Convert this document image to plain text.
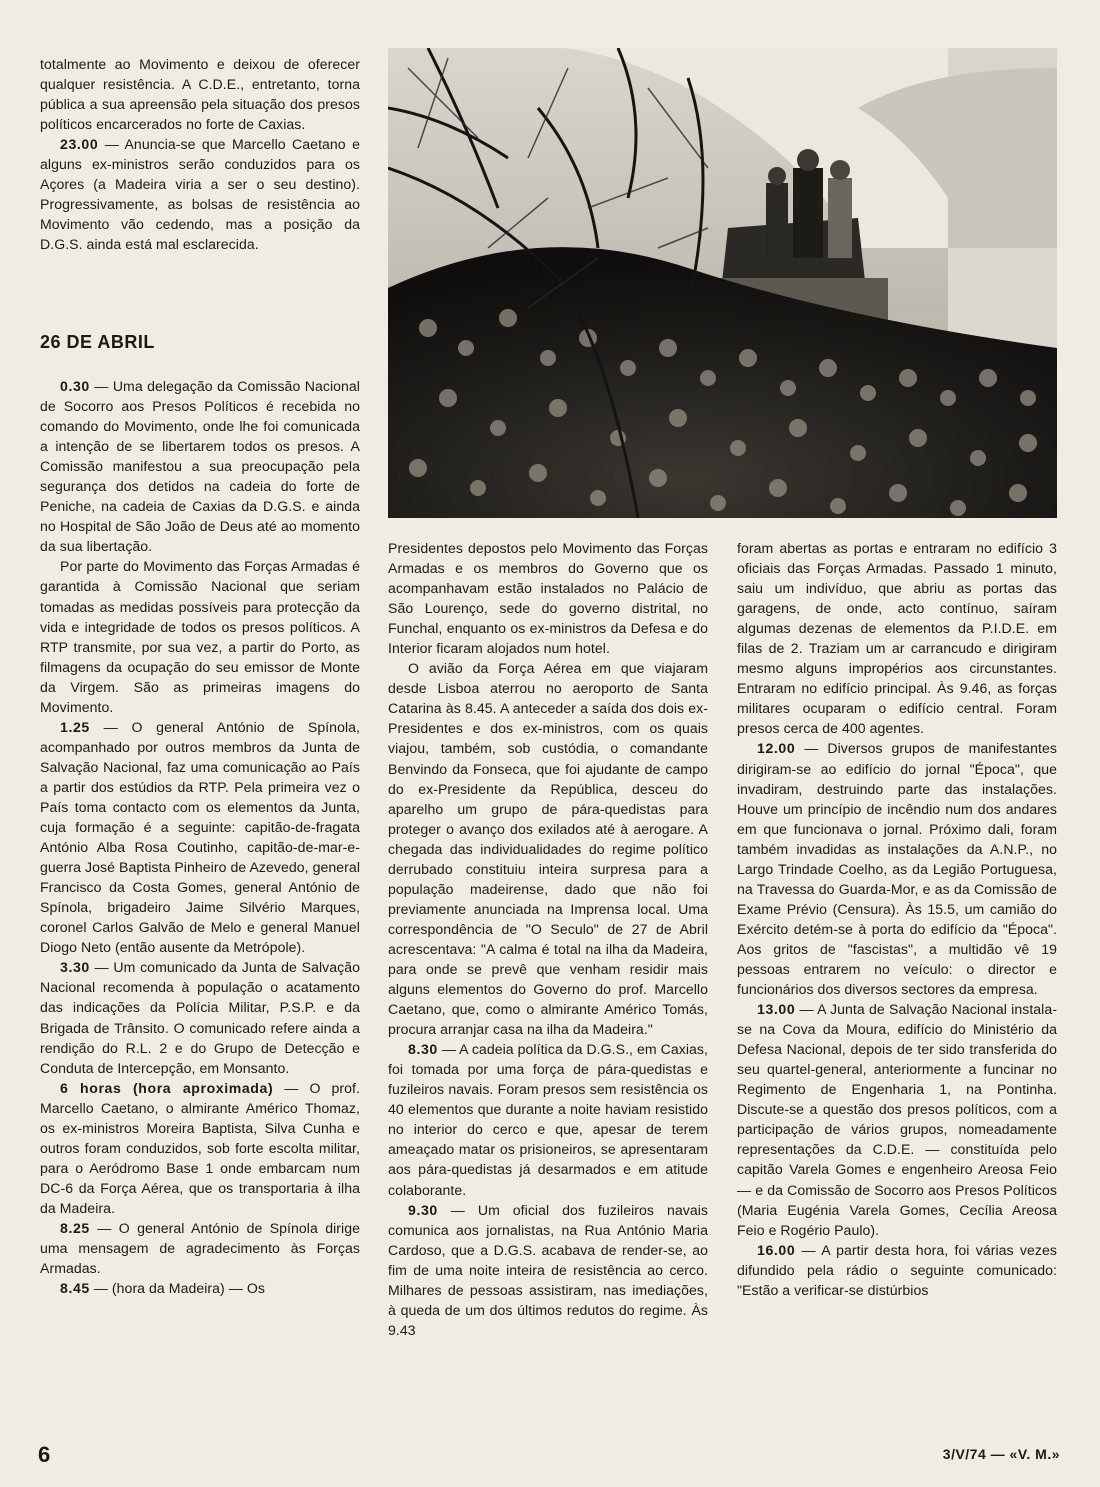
totalmente ao Movimento e deixou de oferecer qualquer resistência. A C.D.E., entretanto, torna pública a sua apreensão pela situação dos presos políticos encarcerados no forte de Caxias.

23.00 — Anuncia-se que Marcello Caetano e alguns ex-ministros serão conduzidos para os Açores (a Madeira viria a ser o seu destino). Progressivamente, as bolsas de resistência ao Movimento vão cedendo, mas a posição da D.G.S. ainda está mal esclarecida.

26 DE ABRIL

0.30 — Uma delegação da Comissão Nacional de Socorro aos Presos Políticos é recebida no comando do Movimento, onde lhe foi comunicada a intenção de se libertarem todos os presos. A Comissão manifestou a sua preocupação pela segurança dos detidos na cadeia do forte de Peniche, na cadeia de Caxias da D.G.S. e ainda no Hospital de São João de Deus até ao momento da sua libertação.

Por parte do Movimento das Forças Armadas é garantida à Comissão Nacional que seriam tomadas as medidas possíveis para protecção da vida e integridade de todos os presos políticos. A RTP transmite, por sua vez, a partir do Porto, as filmagens da ocupação do seu emissor de Monte da Virgem. São as primeiras imagens do Movimento.

1.25 — O general António de Spínola, acompanhado por outros membros da Junta de Salvação Nacional, faz uma comunicação ao País a partir dos estúdios da RTP. Pela primeira vez o País toma contacto com os elementos da Junta, cuja formação é a seguinte: capitão-de-fragata António Alba Rosa Coutinho, capitão-de-mar-e-guerra José Baptista Pinheiro de Azevedo, general Francisco da Costa Gomes, general António de Spínola, brigadeiro Jaime Silvério Marques, coronel Carlos Galvão de Melo e general Manuel Diogo Neto (então ausente da Metrópole).

3.30 — Um comunicado da Junta de Salvação Nacional recomenda à população o acatamento das indicações da Polícia Militar, P.S.P. e da Brigada de Trânsito. O comunicado refere ainda a rendição do R.L. 2 e do Grupo de Detecção e Conduta de Intercepção, em Monsanto.

6 horas (hora aproximada) — O prof. Marcello Caetano, o almirante Américo Thomaz, os ex-ministros Moreira Baptista, Silva Cunha e outros foram conduzidos, sob forte escolta militar, para o Aeródromo Base 1 onde embarcam num DC-6 da Força Aérea, que os transportaria à ilha da Madeira.

8.25 — O general António de Spínola dirige uma mensagem de agradecimento às Forças Armadas.

8.45 — (hora da Madeira) — Os

Presidentes depostos pelo Movimento das Forças Armadas e os membros do Governo que os acompanhavam estão instalados no Palácio de São Lourenço, sede do governo distrital, no Funchal, enquanto os ex-ministros da Defesa e do Interior ficaram alojados num hotel.

O avião da Força Aérea em que viajaram desde Lisboa aterrou no aeroporto de Santa Catarina às 8.45. A anteceder a saída dos dois ex-Presidentes e dos ex-ministros, com os quais viajou, também, sob custódia, o comandante Benvindo da Fonseca, que foi ajudante de campo do ex-Presidente da República, desceu do aparelho um grupo de pára-quedistas para proteger o avanço dos exilados até à aerogare. A chegada das individualidades do regime político derrubado constituiu inteira surpresa para a população madeirense, dado que não foi previamente anunciada na Imprensa local. Uma correspondência de "O Seculo" de 27 de Abril acrescentava: "A calma é total na ilha da Madeira, para onde se prevê que venham residir mais alguns elementos do Governo do prof. Marcello Caetano, que, como o almirante Américo Tomás, procura arranjar casa na ilha da Madeira."

8.30 — A cadeia política da D.G.S., em Caxias, foi tomada por uma força de pára-quedistas e fuzileiros navais. Foram presos sem resistência os 40 elementos que durante a noite haviam resistido no interior do cerco e que, apesar de terem ameaçado matar os prisioneiros, se apresentaram aos pára-quedistas já desarmados e em atitude colaborante.

9.30 — Um oficial dos fuzileiros navais comunica aos jornalistas, na Rua António Maria Cardoso, que a D.G.S. acabava de render-se, ao fim de uma noite inteira de resistência ao cerco. Milhares de pessoas assistiram, nas imediações, à queda de um dos últimos redutos do regime. Às 9.43

foram abertas as portas e entraram no edifício 3 oficiais das Forças Armadas. Passado 1 minuto, saiu um indivíduo, que abriu as portas das garagens, de onde, acto contínuo, saíram algumas dezenas de elementos da P.I.D.E. em filas de 2. Traziam um ar carrancudo e dirigiram mesmo alguns impropérios aos circunstantes. Entraram no edifício principal. Às 9.46, as forças militares ocuparam o edifício central. Foram presos cerca de 400 agentes.

12.00 — Diversos grupos de manifestantes dirigiram-se ao edifício do jornal "Época", que invadiram, destruindo parte das instalações. Houve um princípio de incêndio num dos andares em que funcionava o jornal. Próximo dali, foram também invadidas as instalações da A.N.P., no Largo Trindade Coelho, as da Legião Portuguesa, na Travessa do Guarda-Mor, e as da Comissão de Exame Prévio (Censura). Às 15.5, um camião do Exército detém-se à porta do edifício da "Época". Aos gritos de "fascistas", a multidão vê 19 pessoas entrarem no veículo: o director e funcionários dos diversos sectores da empresa.

13.00 — A Junta de Salvação Nacional instala-se na Cova da Moura, edifício do Ministério da Defesa Nacional, depois de ter sido transferida do seu quartel-general, anteriormente a funcinar no Regimento de Engenharia 1, na Pontinha. Discute-se a questão dos presos políticos, com a participação de vários grupos, nomeadamente representações da C.D.E. — constituída pelo capitão Varela Gomes e engenheiro Areosa Feio — e da Comissão de Socorro aos Presos Políticos (Maria Eugénia Varela Gomes, Cecília Areosa Feio e Rogério Paulo).

16.00 — A partir desta hora, foi várias vezes difundido pela rádio o seguinte comunicado: "Estão a verificar-se distúrbios

6	3/V/74 — «V. M.»
